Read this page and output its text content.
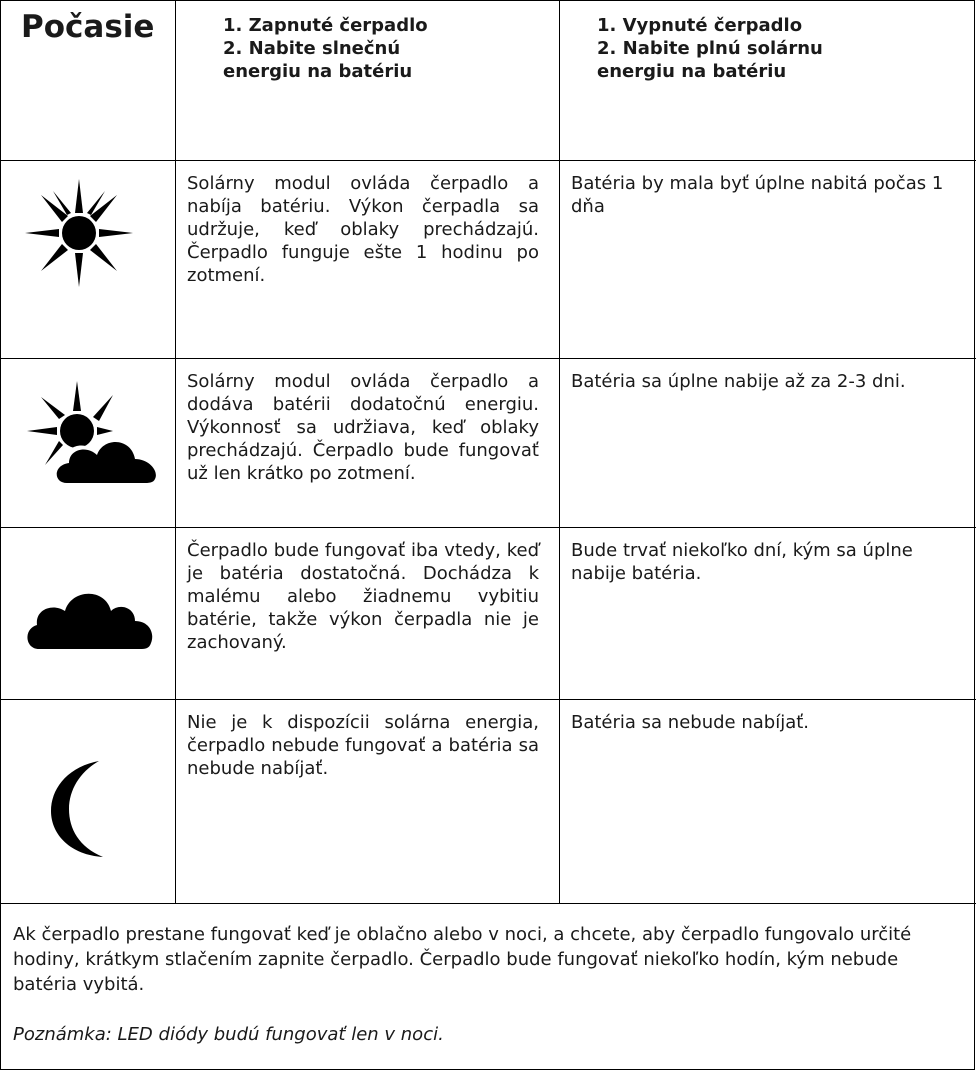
Počasie	1. Zapnuté čerpadlo
2. Nabite slnečnú
energiu na batériu
1. Vypnuté čerpadlo
2. Nabite plnú solárnu
energiu na batériu
Solárny modul ovláda čerpadlo a nabíja batériu. Výkon čerpadla sa udržuje, keď oblaky prechádzajú. Čerpadlo funguje ešte 1 hodinu po zotmení.
Batéria by mala byť úplne nabitá počas 1 dňa
Solárny modul ovláda čerpadlo a dodáva batérii dodatočnú energiu. Výkonnosť sa udržiava, keď oblaky prechádzajú. Čerpadlo bude fungovať už len krátko po zotmení.
Batéria sa úplne nabije až za 2-3 dni.
Čerpadlo bude fungovať iba vtedy, keď je batéria dostatočná. Dochádza k malému alebo žiadnemu vybitiu batérie, takže výkon čerpadla nie je zachovaný.
Bude trvať niekoľko dní, kým sa úplne nabije batéria.
Nie je k dispozícii solárna energia, čerpadlo nebude fungovať a batéria sa nebude nabíjať.
Batéria sa nebude nabíjať.

Ak čerpadlo prestane fungovať keď je oblačno alebo v noci, a chcete, aby čerpadlo fungovalo určité hodiny, krátkym stlačením zapnite čerpadlo. Čerpadlo bude fungovať niekoľko hodín, kým nebude batéria vybitá.

Poznámka: LED diódy budú fungovať len v noci.
